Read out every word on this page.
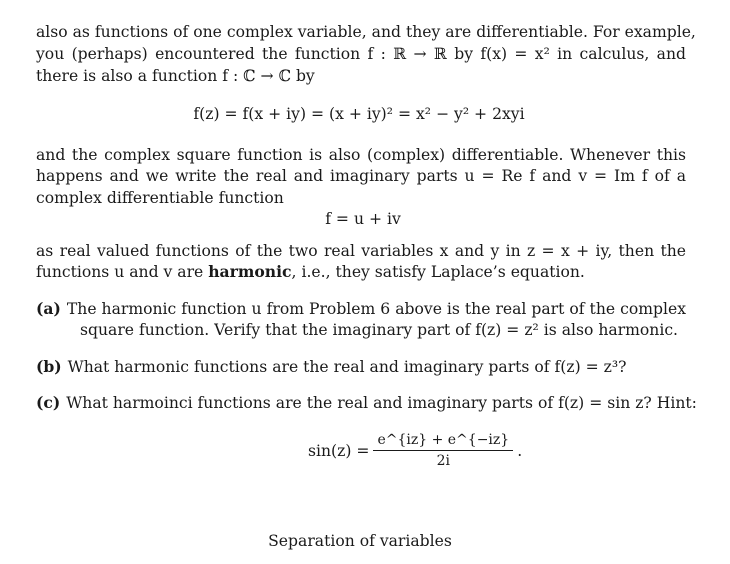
also as functions of one complex variable, and they are differentiable. For example,
you (perhaps) encountered the function f : ℝ → ℝ by f(x) = x² in calculus, and
there is also a function f : ℂ → ℂ by
f(z) = f(x + iy) = (x + iy)² = x² − y² + 2xyi
and the complex square function is also (complex) differentiable. Whenever this
happens and we write the real and imaginary parts u = Re f and v = Im f of a
complex differentiable function
f = u + iv
as real valued functions of the two real variables x and y in z = x + iy, then the
functions u and v are harmonic, i.e., they satisfy Laplace’s equation.
(a) The harmonic function u from Problem 6 above is the real part of the complex
square function. Verify that the imaginary part of f(z) = z² is also harmonic.
(b) What harmonic functions are the real and imaginary parts of f(z) = z³?
(c) What harmoinci functions are the real and imaginary parts of f(z) = sin z? Hint:
$\sin(z) = \frac{e\^{}\{iz\} + e\^{}\{-iz\}}{2i}$ .
Separation of variables
